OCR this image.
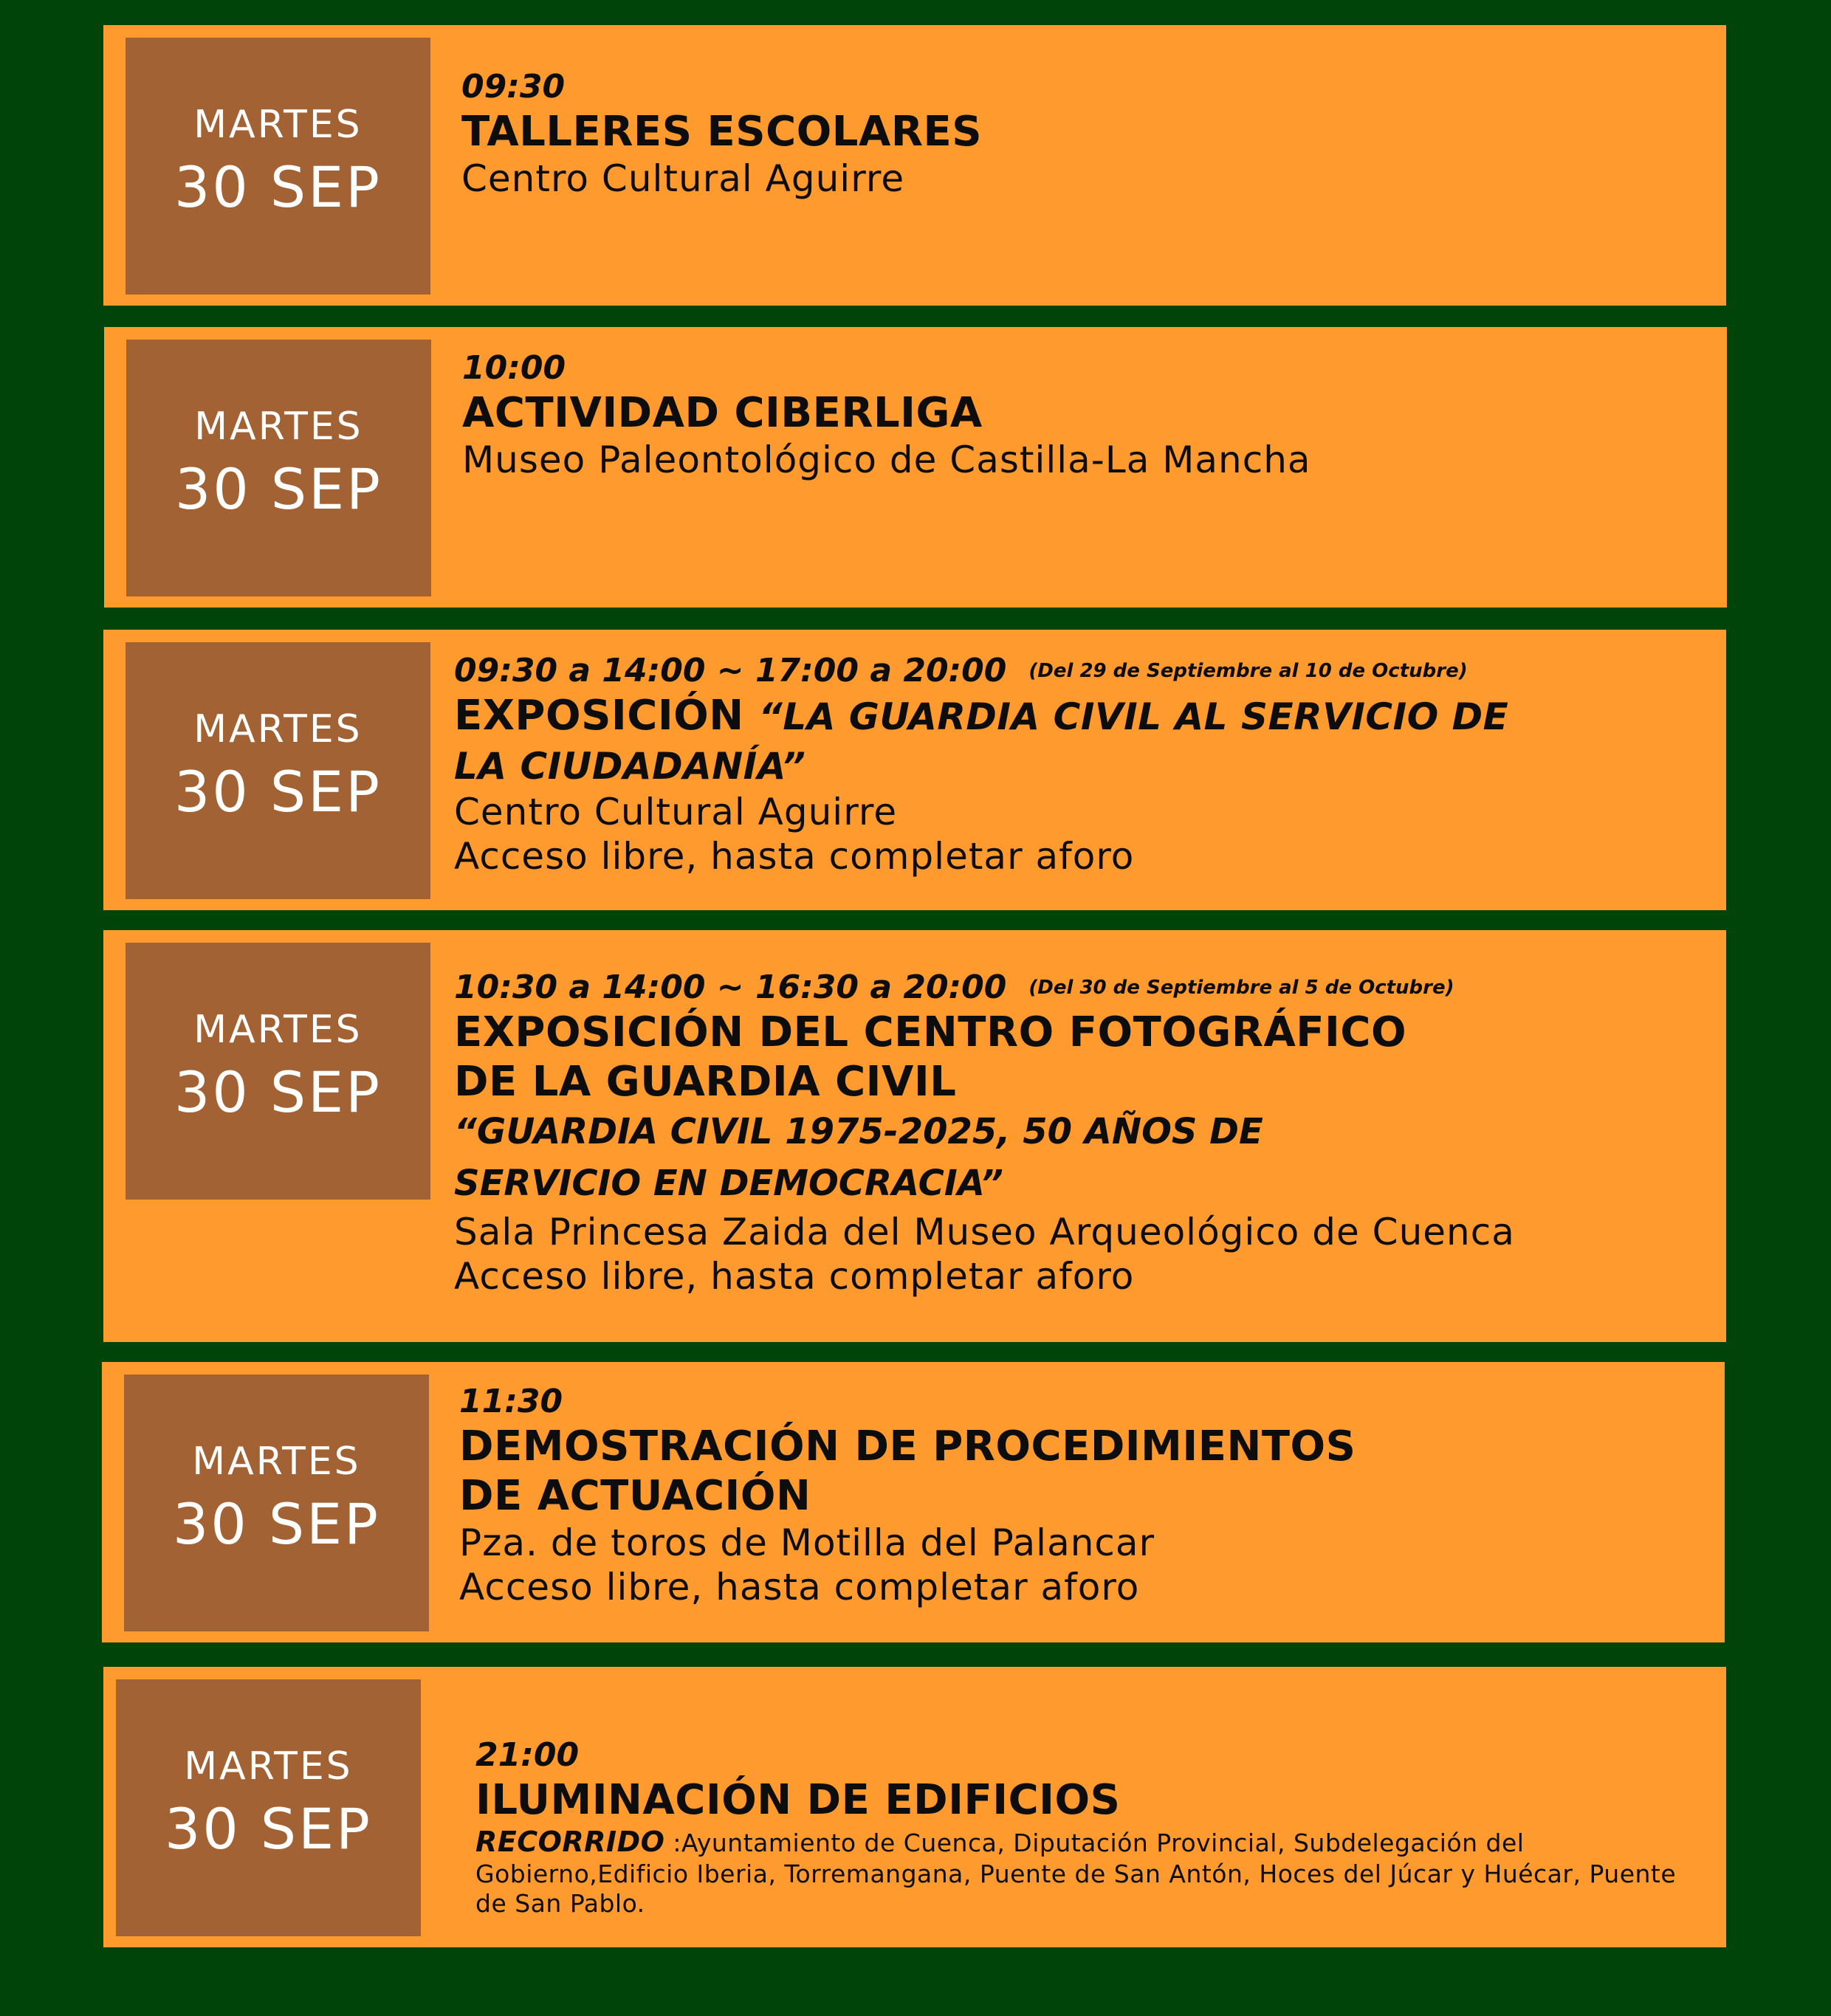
MARTES
30 SEP
09:30
TALLERES ESCOLARES
Centro Cultural Aguirre
MARTES
30 SEP
10:00
ACTIVIDAD CIBERLIGA
Museo Paleontológico de Castilla-La Mancha
MARTES
30 SEP
09:30 a 14:00 ~ 17:00 a 20:00 (Del 29 de Septiembre al 10 de Octubre)
EXPOSICIÓN “LA GUARDIA CIVIL AL SERVICIO DE
LA CIUDADANÍA”
Centro Cultural Aguirre
Acceso libre, hasta completar aforo
MARTES
30 SEP
10:30 a 14:00 ~ 16:30 a 20:00 (Del 30 de Septiembre al 5 de Octubre)
EXPOSICIÓN DEL CENTRO FOTOGRÁFICO
DE LA GUARDIA CIVIL
“GUARDIA CIVIL 1975-2025, 50 AÑOS DE
SERVICIO EN DEMOCRACIA”
Sala Princesa Zaida del Museo Arqueológico de Cuenca
Acceso libre, hasta completar aforo
MARTES
30 SEP
11:30
DEMOSTRACIÓN DE PROCEDIMIENTOS
DE ACTUACIÓN
Pza. de toros de Motilla del Palancar
Acceso libre, hasta completar aforo
MARTES
30 SEP
21:00
ILUMINACIÓN DE EDIFICIOS
RECORRIDO :Ayuntamiento de Cuenca, Diputación Provincial, Subdelegación del Gobierno,Edificio Iberia, Torremangana, Puente de San Antón, Hoces del Júcar y Huécar, Puente de San Pablo.
